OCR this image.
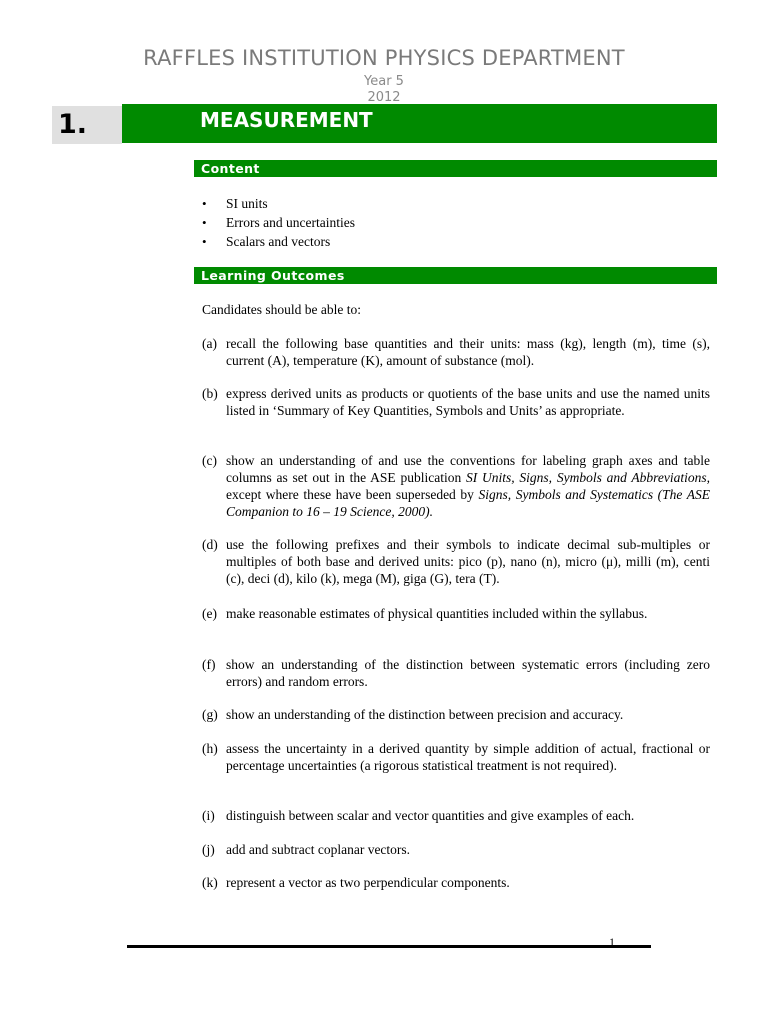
RAFFLES INSTITUTION PHYSICS DEPARTMENT
Year 5
2012
1.	MEASUREMENT
Content
• SI units
• Errors and uncertainties
• Scalars and vectors
Learning Outcomes
Candidates should be able to:
(a) recall the following base quantities and their units: mass (kg), length (m), time (s), current (A), temperature (K), amount of substance (mol).
(b) express derived units as products or quotients of the base units and use the named units listed in ‘Summary of Key Quantities, Symbols and Units’ as appropriate.
(c) show an understanding of and use the conventions for labeling graph axes and table columns as set out in the ASE publication SI Units, Signs, Symbols and Abbreviations, except where these have been superseded by Signs, Symbols and Systematics (The ASE Companion to 16 – 19 Science, 2000).
(d) use the following prefixes and their symbols to indicate decimal sub-multiples or multiples of both base and derived units: pico (p), nano (n), micro (μ), milli (m), centi (c), deci (d), kilo (k), mega (M), giga (G), tera (T).
(e) make reasonable estimates of physical quantities included within the syllabus.
(f) show an understanding of the distinction between systematic errors (including zero errors) and random errors.
(g) show an understanding of the distinction between precision and accuracy.
(h) assess the uncertainty in a derived quantity by simple addition of actual, fractional or percentage uncertainties (a rigorous statistical treatment is not required).
(i) distinguish between scalar and vector quantities and give examples of each.
(j) add and subtract coplanar vectors.
(k) represent a vector as two perpendicular components.
1
